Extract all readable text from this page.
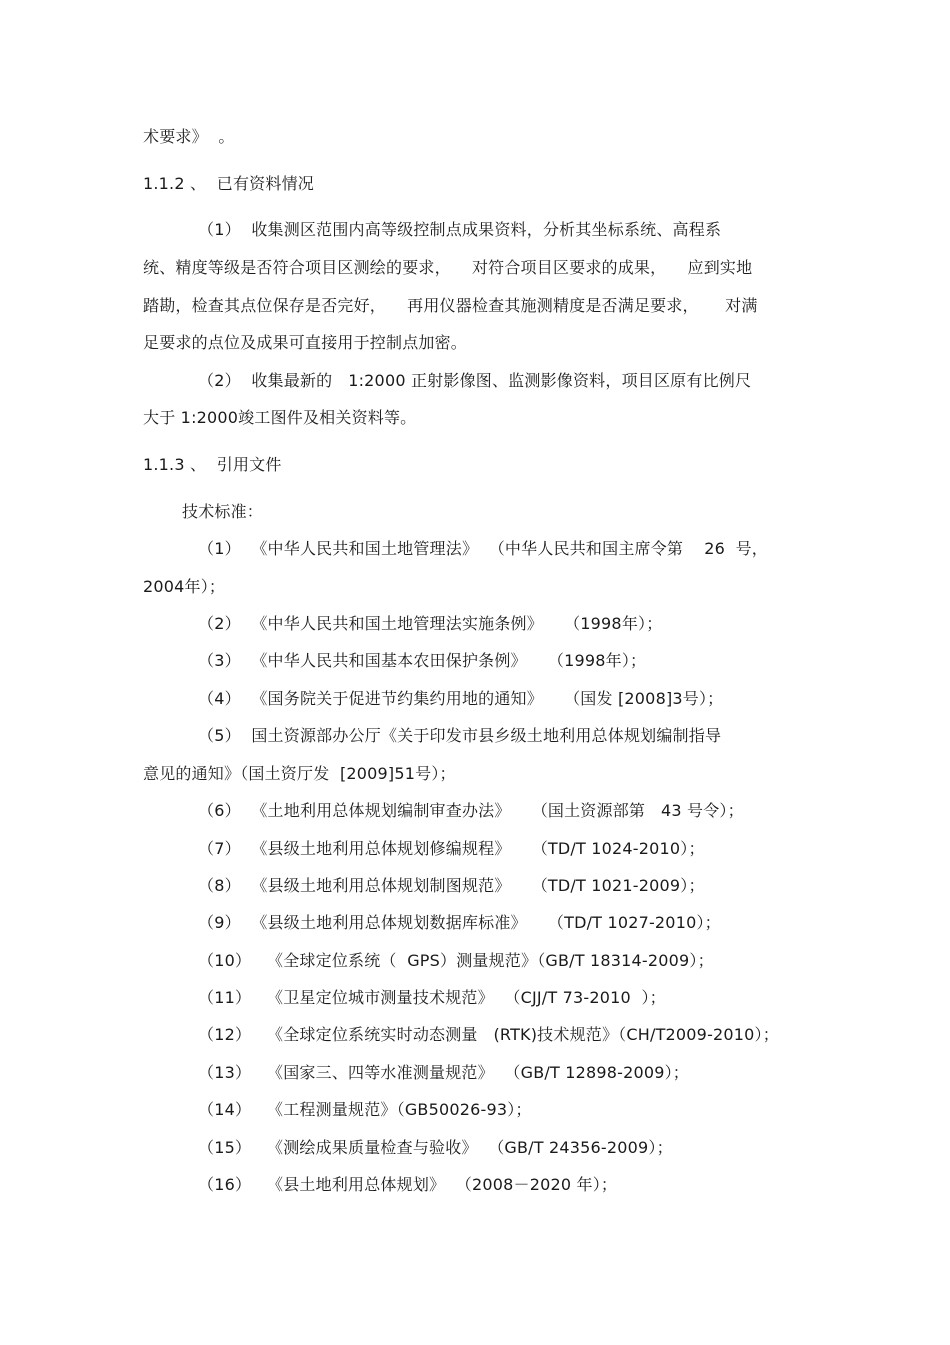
术要求》  。
1.1.2 、  已有资料情况
（1）  收集测区范围内高等级控制点成果资料，分析其坐标系统、高程系
统、精度等级是否符合项目区测绘的要求，    对符合项目区要求的成果，    应到实地
踏勘，检查其点位保存是否完好，    再用仪器检查其施测精度是否满足要求，     对满
足要求的点位及成果可直接用于控制点加密。
（2）  收集最新的   1:2000 正射影像图、监测影像资料，项目区原有比例尺
大于 1:2000竣工图件及相关资料等。
1.1.3 、  引用文件
技术标准：
（1）  《中华人民共和国土地管理法》  （中华人民共和国主席令第    26  号，
2004年）；
（2）  《中华人民共和国土地管理法实施条例》    （1998年）；
（3）  《中华人民共和国基本农田保护条例》    （1998年）；
（4）  《国务院关于促进节约集约用地的通知》    （国发 [2008]3号）；
（5）  国土资源部办公厅《关于印发市县乡级土地利用总体规划编制指导
意见的通知》（国土资厅发  [2009]51号）；
（6）  《土地利用总体规划编制审查办法》    （国土资源部第   43 号令）；
（7）  《县级土地利用总体规划修编规程》    （TD/T 1024-2010）；
（8）  《县级土地利用总体规划制图规范》    （TD/T 1021-2009）；
（9）  《县级土地利用总体规划数据库标准》    （TD/T 1027-2010）；
（10）   《全球定位系统（  GPS）测量规范》（GB/T 18314-2009）；
（11）   《卫星定位城市测量技术规范》  （CJJ/T 73-2010  ）；
（12）   《全球定位系统实时动态测量   (RTK)技术规范》（CH/T2009-2010）；
（13）   《国家三、四等水准测量规范》  （GB/T 12898-2009）；
（14）   《工程测量规范》（GB50026-93）；
（15）   《测绘成果质量检查与验收》  （GB/T 24356-2009）；
（16）   《县土地利用总体规划》  （2008－2020 年）；
